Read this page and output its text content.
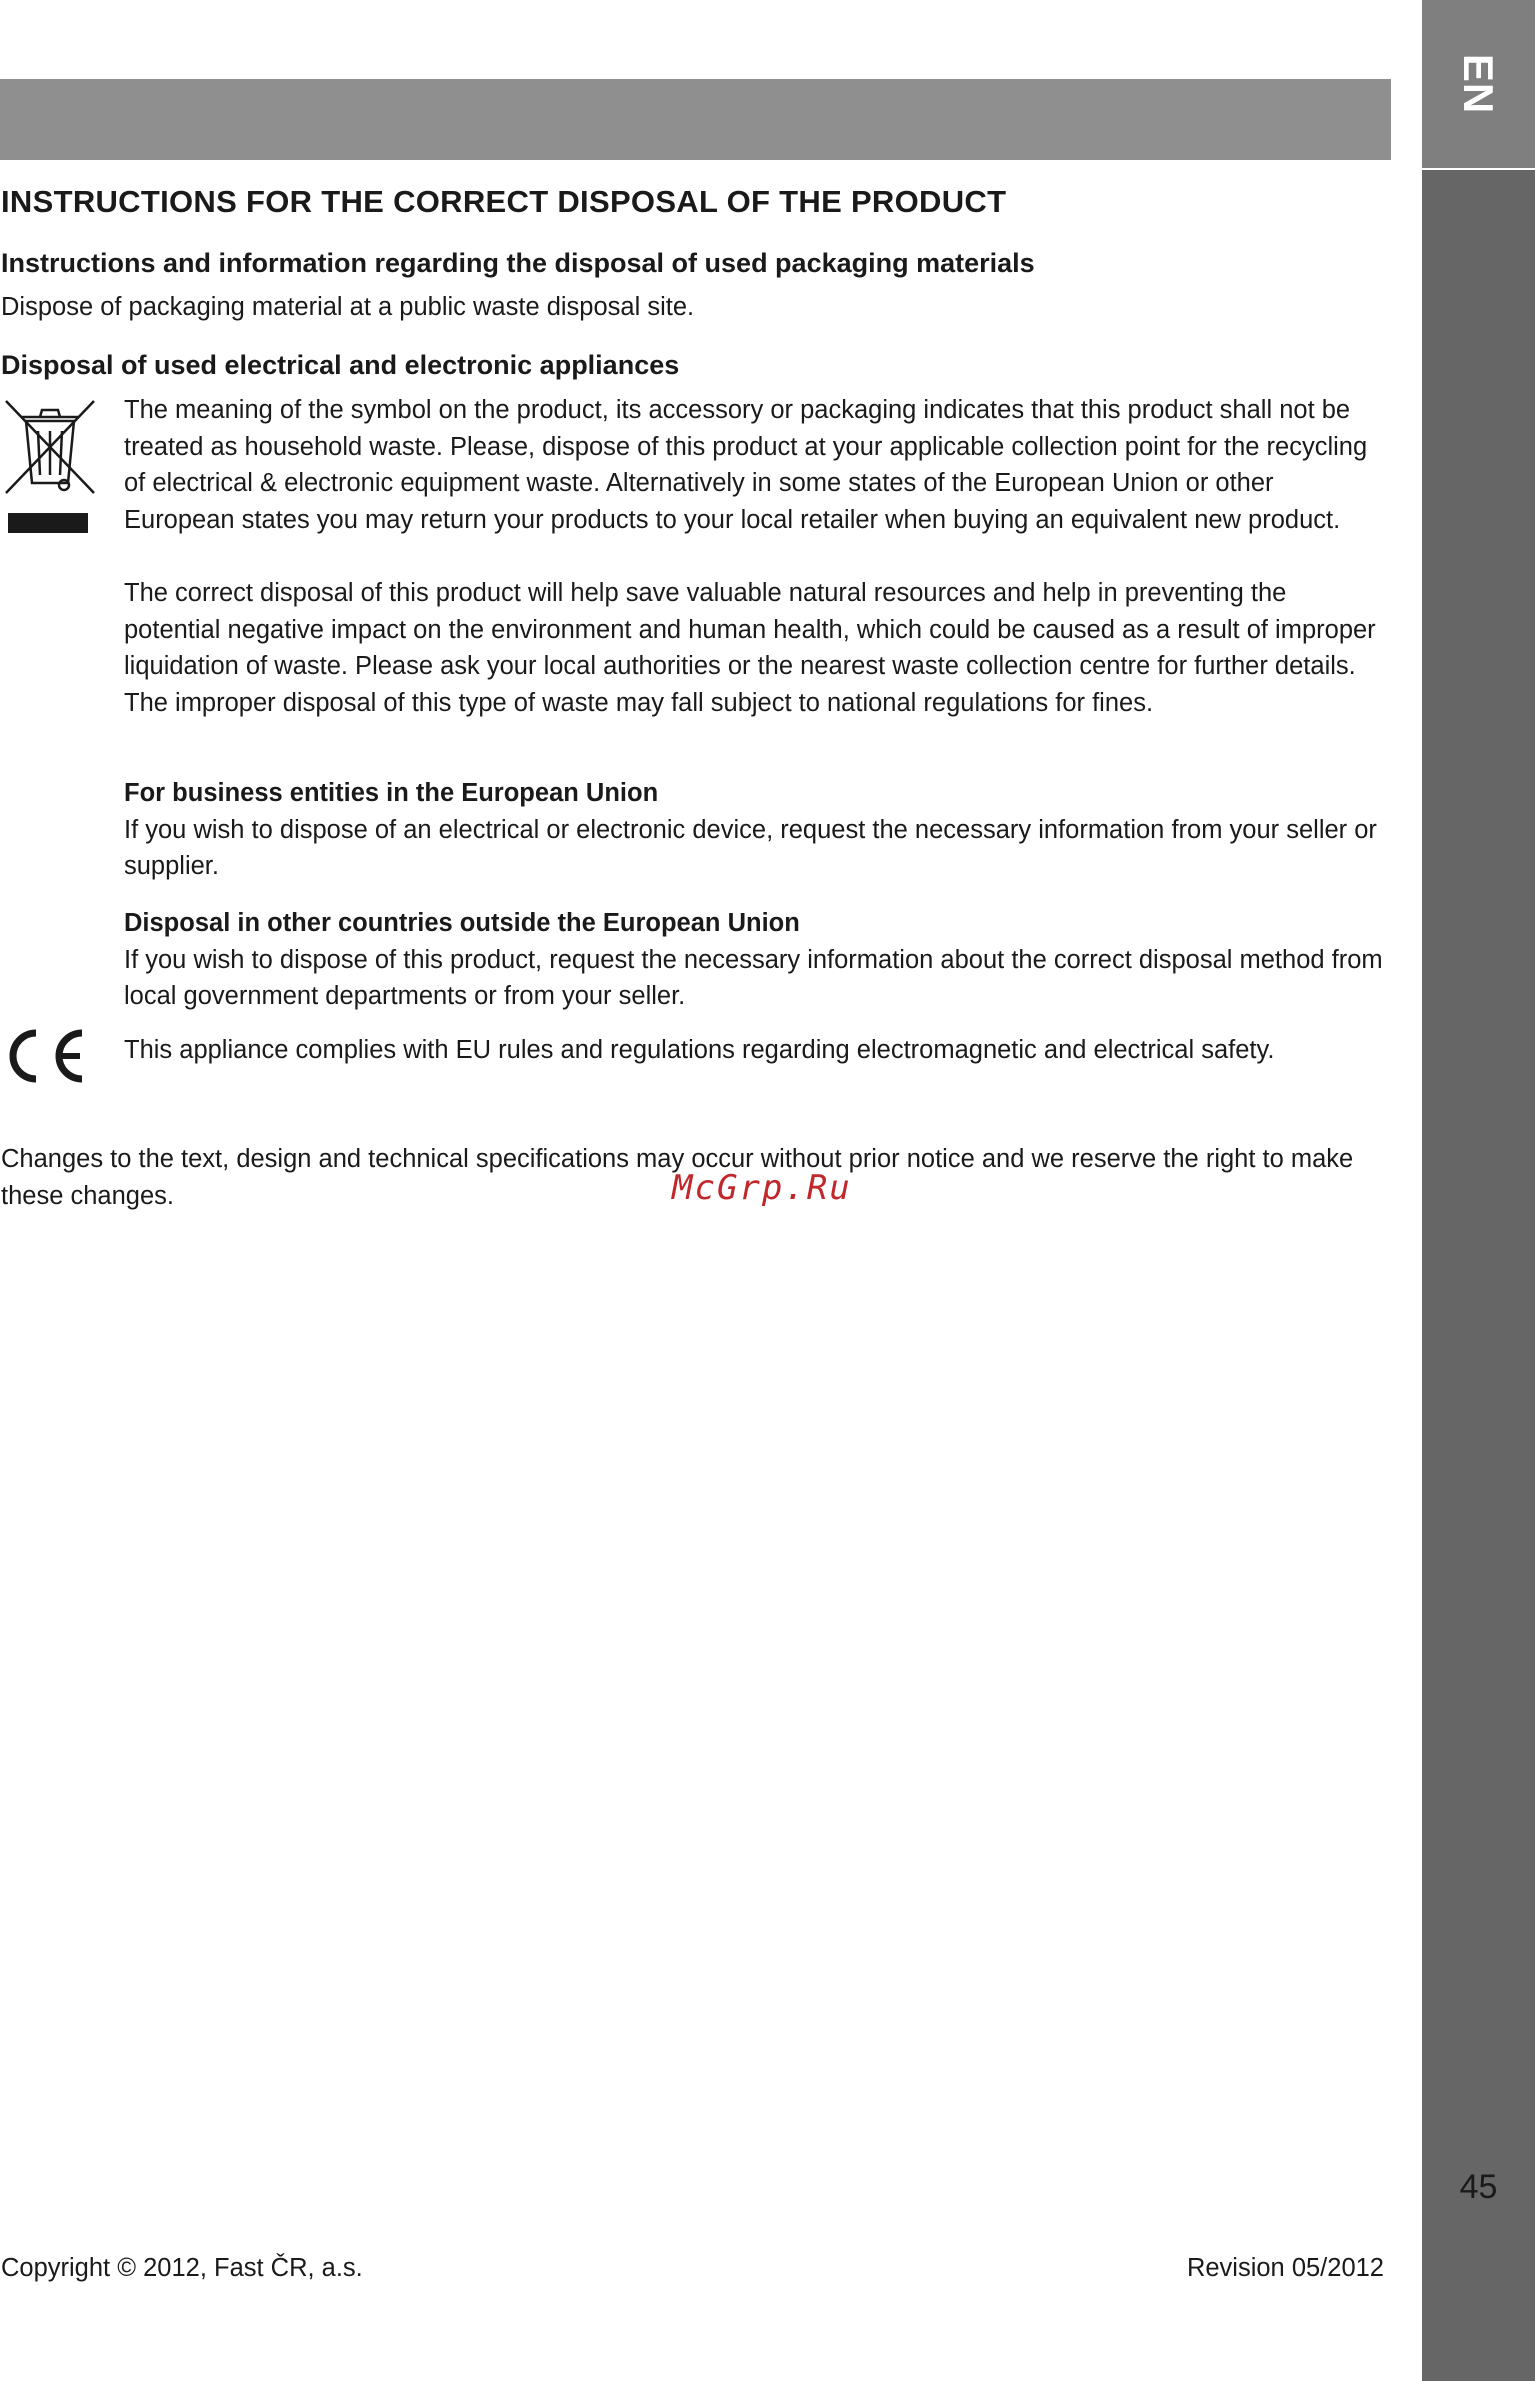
EN
45
INSTRUCTIONS FOR THE CORRECT DISPOSAL OF THE PRODUCT
Instructions and information regarding the disposal of used packaging materials

Dispose of packaging material at a public waste disposal site.

Disposal of used electrical and electronic appliances

The meaning of the symbol on the product, its accessory or packaging indicates that this product shall not be treated as household waste. Please, dispose of this product at your applicable collection point for the recycling of electrical & electronic equipment waste. Alternatively in some states of the European Union or other European states you may return your products to your local retailer when buying an equivalent new product.

The correct disposal of this product will help save valuable natural resources and help in preventing the potential negative impact on the environment and human health, which could be caused as a result of improper liquidation of waste. Please ask your local authorities or the nearest waste collection centre for further details. The improper disposal of this type of waste may fall subject to national regulations for fines.

For business entities in the European Union
If you wish to dispose of an electrical or electronic device, request the necessary information from your seller or supplier.
Disposal in other countries outside the European Union
If you wish to dispose of this product, request the necessary information about the correct disposal method from local government departments or from your seller.

This appliance complies with EU rules and regulations regarding electromagnetic and electrical safety.

Changes to the text, design and technical specifications may occur without prior notice and we reserve the right to make these changes.	McGrp.Ru

Copyright © 2012, Fast ČR, a.s.	Revision 05/2012
